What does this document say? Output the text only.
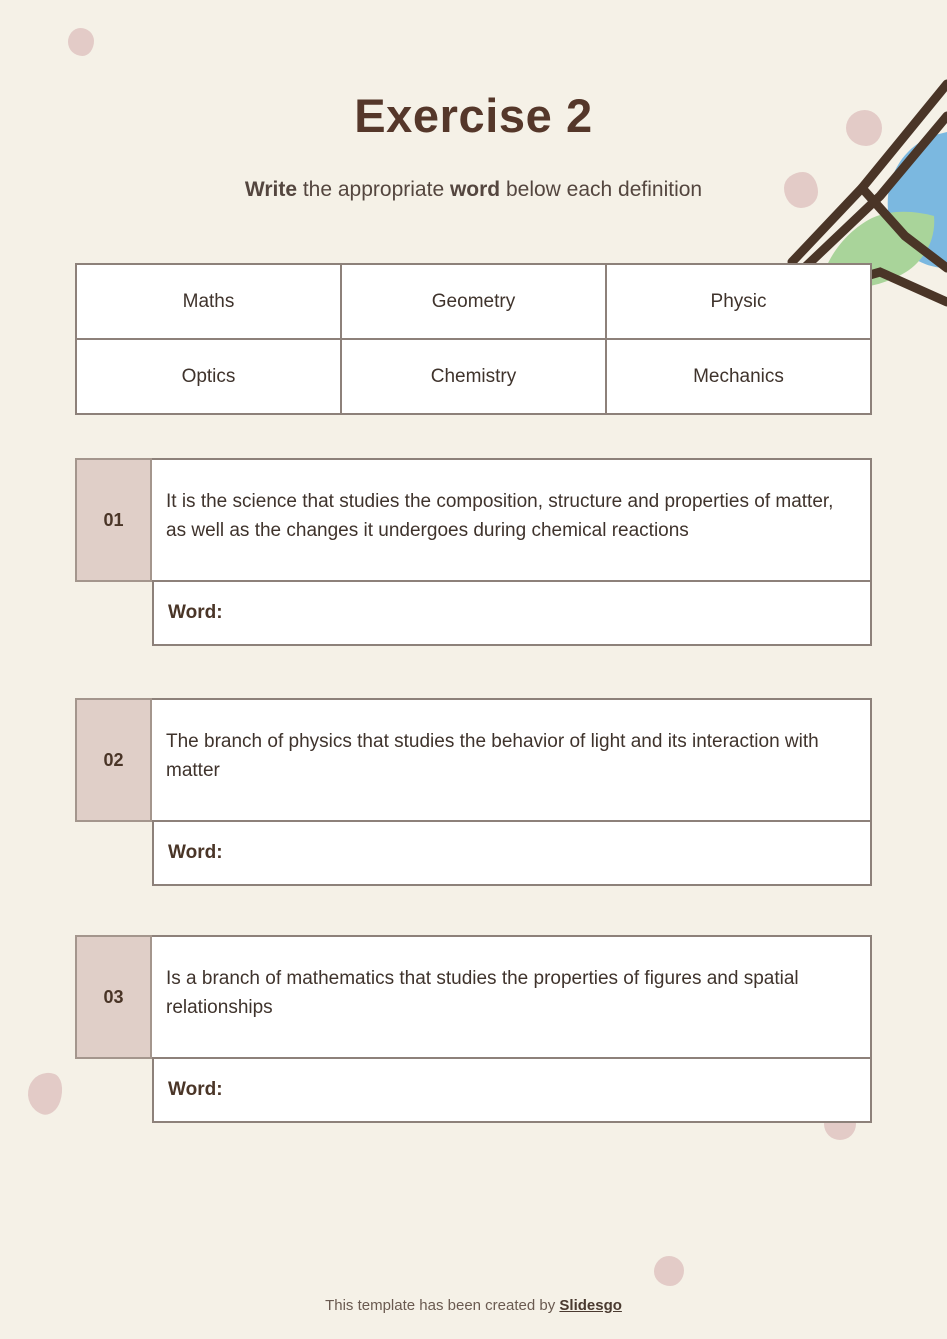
Exercise 2
Write the appropriate word below each definition
Maths	Geometry	Physic
Optics	Chemistry	Mechanics
01
It is the science that studies the composition, structure and properties of matter, as well as the changes it undergoes during chemical reactions
Word:
02
The branch of physics that studies the behavior of light and its interaction with matter
Word:
03
Is a branch of mathematics that studies the properties of figures and spatial relationships
Word:
This template has been created by Slidesgo
